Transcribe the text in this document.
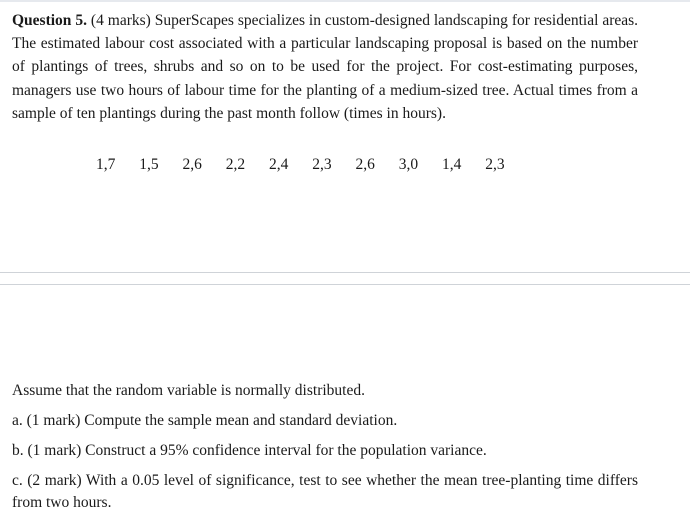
Question 5. (4 marks) SuperScapes specializes in custom-designed landscaping for residential areas. The estimated labour cost associated with a particular landscaping proposal is based on the number of plantings of trees, shrubs and so on to be used for the project. For cost-estimating purposes, managers use two hours of labour time for the planting of a medium-sized tree. Actual times from a sample of ten plantings during the past month follow (times in hours).
1,7 1,5 2,6 2,2 2,4 2,3 2,6 3,0 1,4 2,3
Assume that the random variable is normally distributed.
a. (1 mark) Compute the sample mean and standard deviation.
b. (1 mark) Construct a 95% confidence interval for the population variance.
c. (2 mark) With a 0.05 level of significance, test to see whether the mean tree-planting time differs from two hours.
